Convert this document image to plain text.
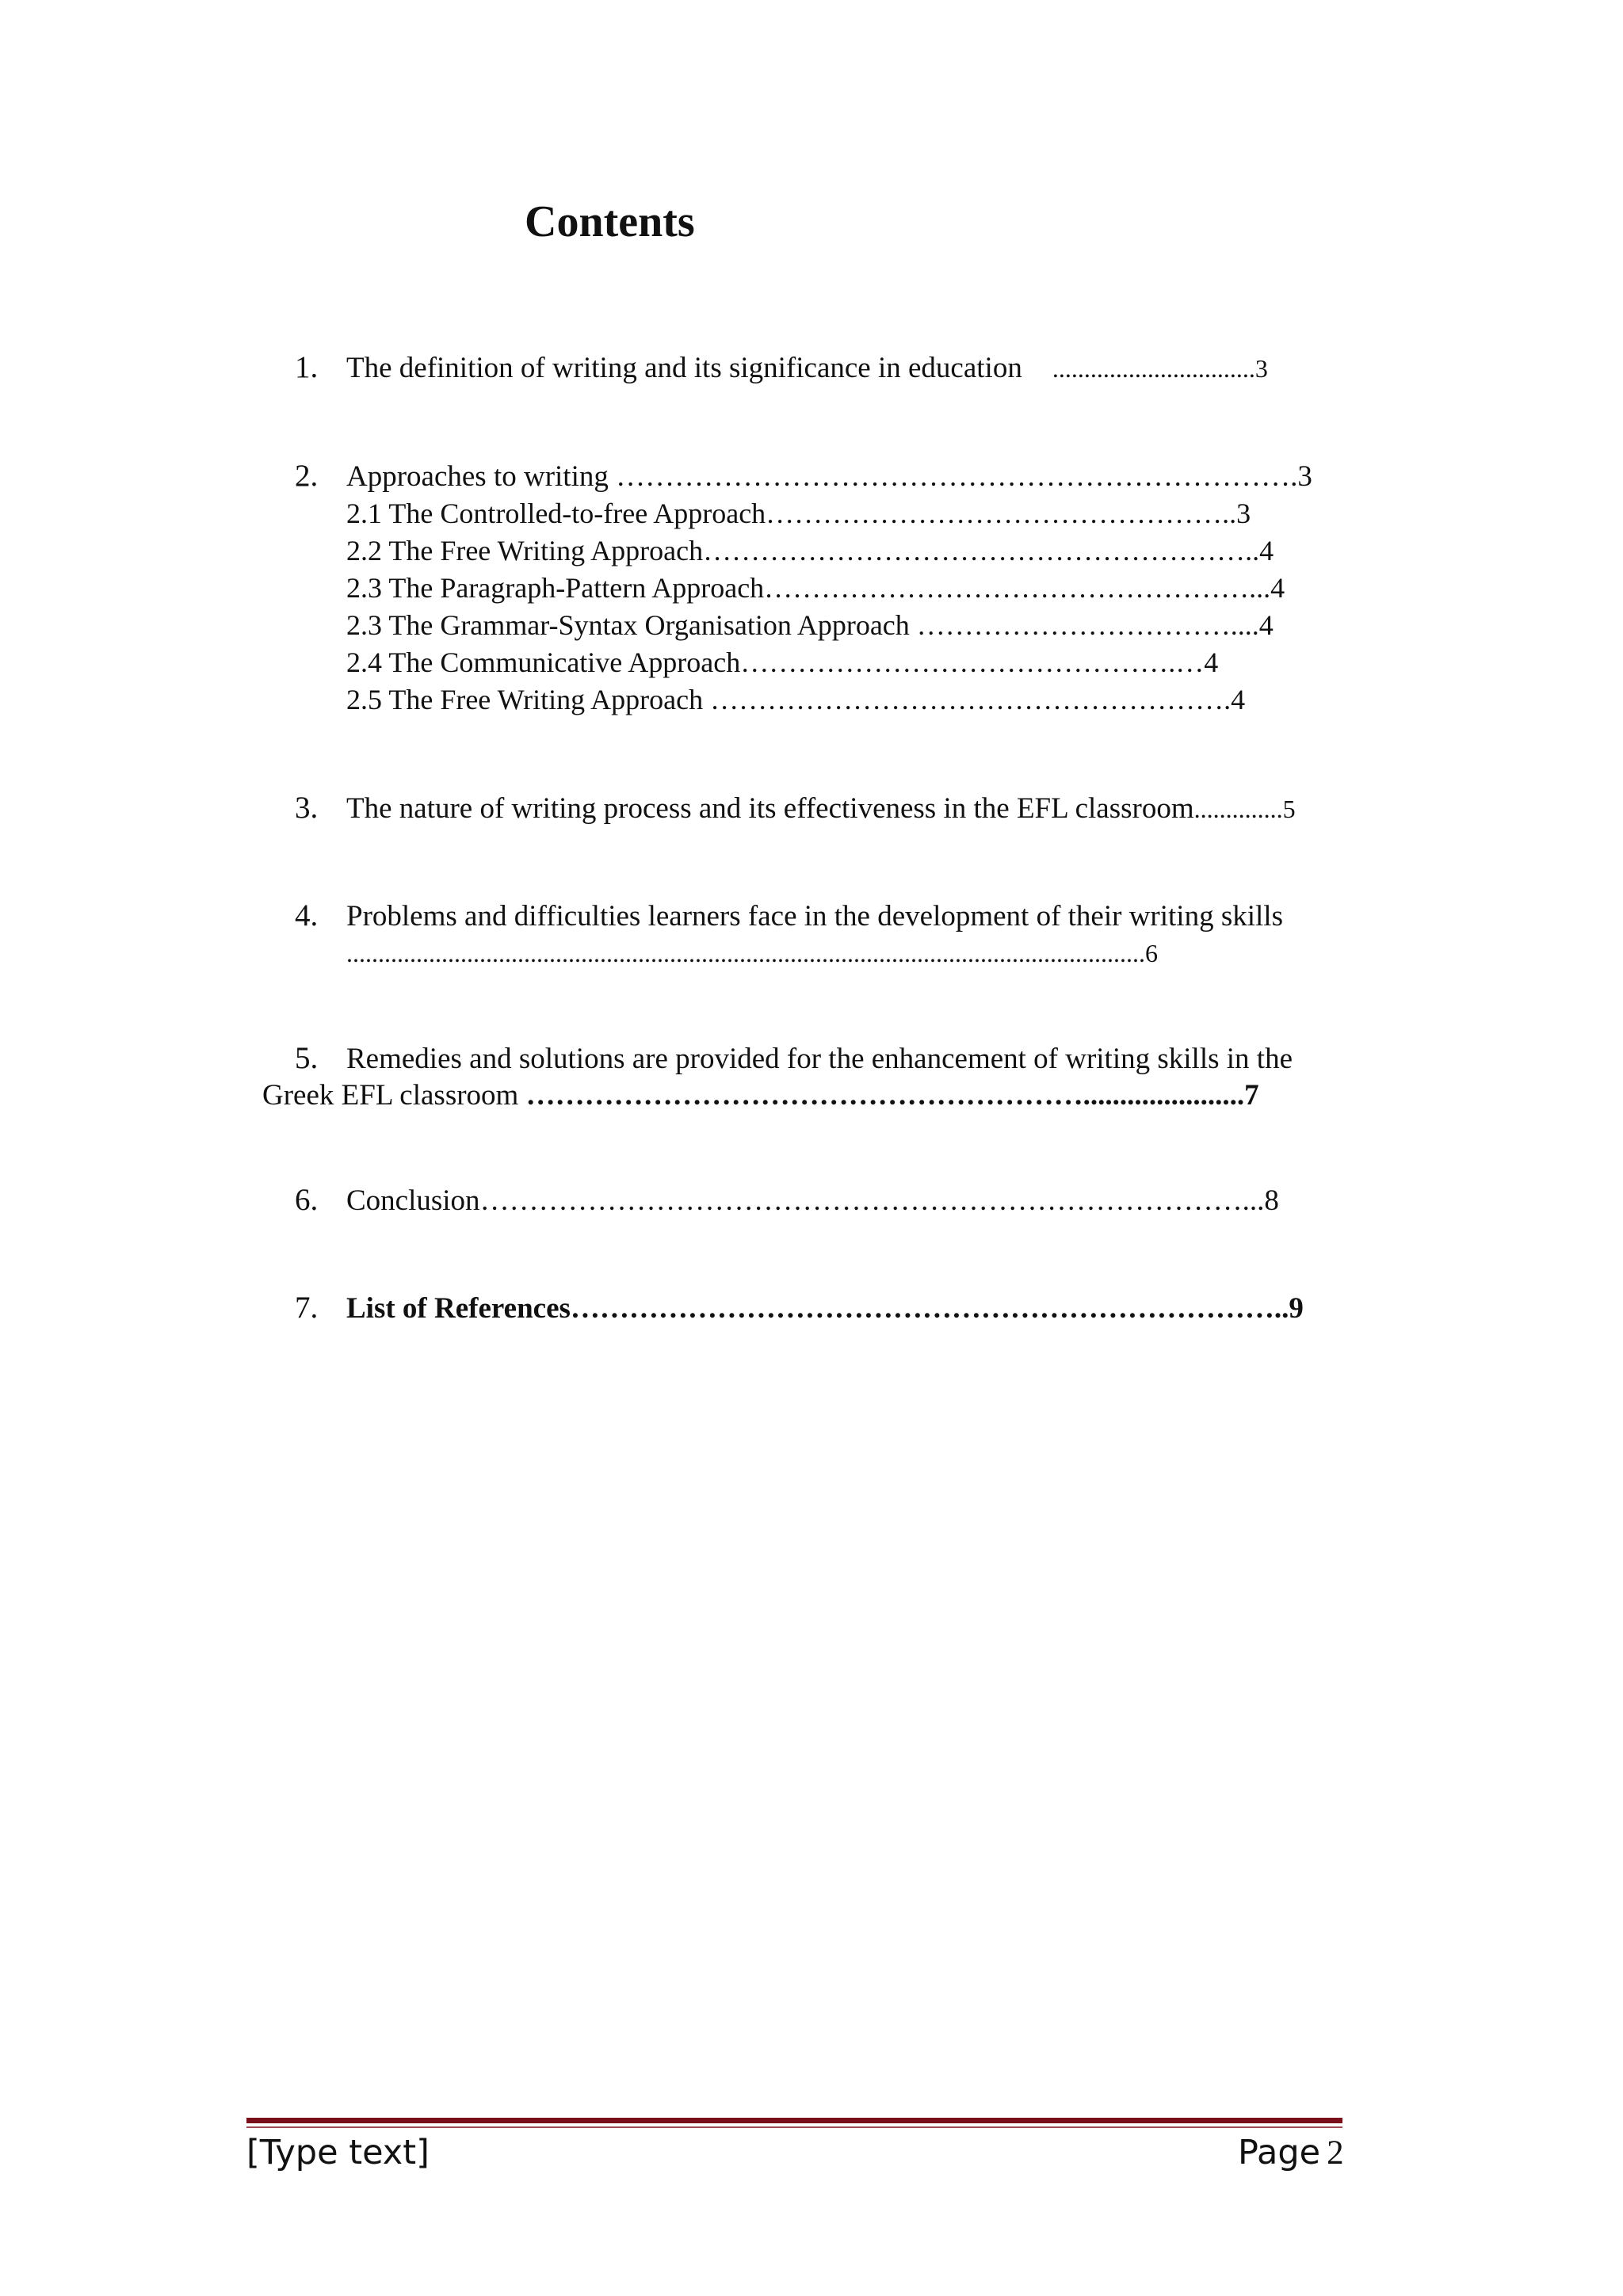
Contents
1. The definition of writing and its significance in education ................................3
2. Approaches to writing …………………………………………………………….3
2.1 The Controlled-to-free Approach…………………………………………..3
2.2 The Free Writing Approach…………………………………………………..4
2.3 The Paragraph-Pattern Approach……………………………………………...4
2.3 The Grammar-Syntax Organisation Approach ……………………………....4
2.4 The Communicative Approach……………………………………….…4
2.5 The Free Writing Approach ……………………………………………….4
3. The nature of writing process and its effectiveness in the EFL classroom..............5
4. Problems and difficulties learners face in the development of their writing skills
..............................................................................................................................6
5. Remedies and solutions are provided for the enhancement of writing skills in the
Greek EFL classroom …………………………………………………......................7
6. Conclusion……………………………………………………………………...8
7. List of References………………………………………………………………..9
[Type text]	Page 2
